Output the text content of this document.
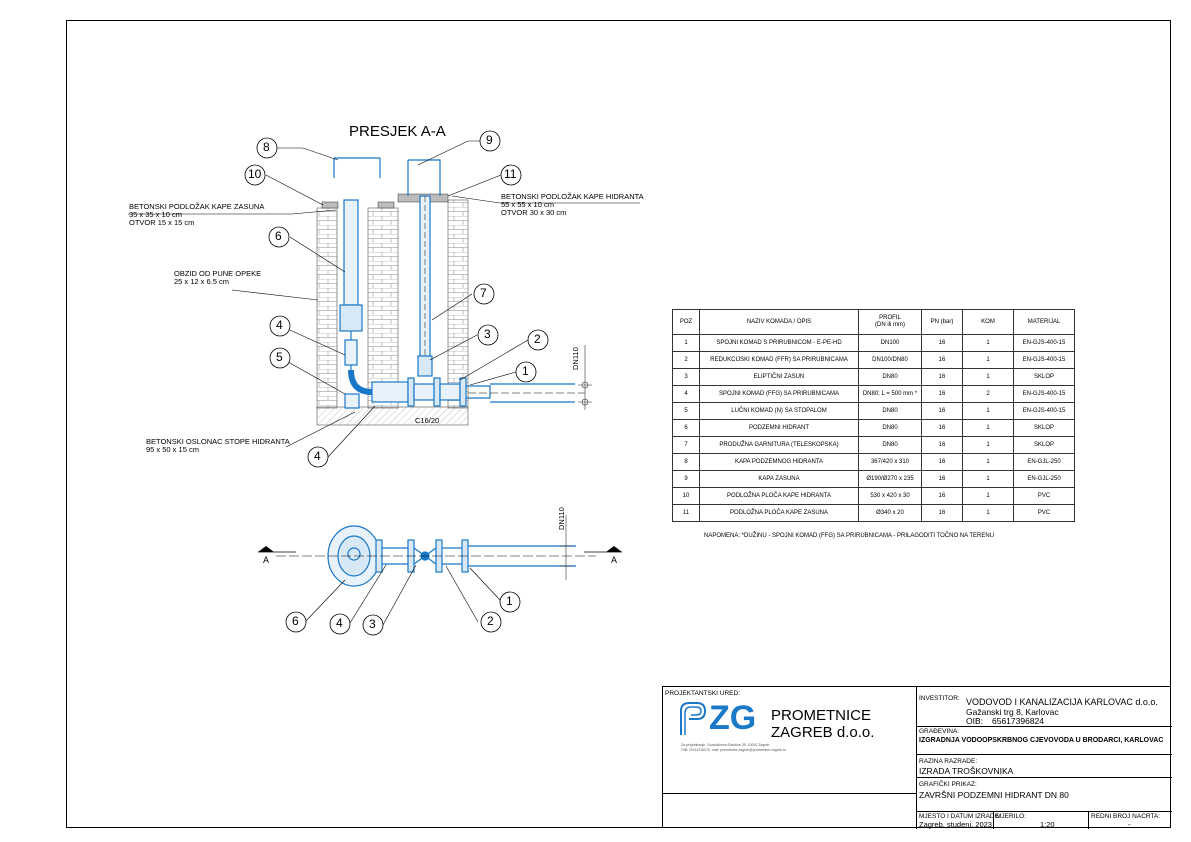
PRESJEK A-A
BETONSKI PODLOŽAK KAPE ZASUNA
35 x 35 x 10 cm
OTVOR 15 x 15 cm
BETONSKI PODLOŽAK KAPE HIDRANTA
55 x 55 x 10 cm
OTVOR 30 x 30 cm
OBZID OD PUNE OPEKE
25 x 12 x 6.5 cm
BETONSKI OSLONAC STOPE HIDRANTA
95 x 50 x 15 cm
C16/20
DN110
DN110
A	A
8	9
10	11
6
7
3	2
4
5
1
4
6	4 3	2
1
POZ	NAZIV KOMADA / OPIS	PROFIL
(DN ili mm)	PN (bar)	KOM	MATERIJAL
1	SPOJNI KOMAD S PRIRUBNICOM - E-PE-HD	DN100	16	1	EN-GJS-400-15
2	REDUKCIJSKI KOMAD (FFR) SA PRIRUBNICAMA	DN100/DN80	16	1	EN-GJS-400-15
3	ELIPTIČNI ZASUN	DN80	16	1	SKLOP
4	SPOJNI KOMAD (FFG) SA PRIRUBNICAMA	DN80; L = 500 mm *	16	2	EN-GJS-400-15
5	LUČNI KOMAD (N) SA STOPALOM	DN80	16	1	EN-GJS-400-15
6	PODZEMNI HIDRANT	DN80	16	1	SKLOP
7	PRODUŽNA GARNITURA (TELESKOPSKA)	DN80	16	1	SKLOP
8	KAPA PODZEMNOG HIDRANTA	367/420 x 310	16	1	EN-GJL-250
9	KAPA ZASUNA	Ø190/Ø270 x 235	16	1	EN-GJL-250
10	PODLOŽNA PLOČA KAPE HIDRANTA	530 x 420 x 30	16	1	PVC
11	PODLOŽNA PLOČA KAPE ZASUNA	Ø340 x 20	16	1	PVC
NAPOMENA: *DUŽINU - SPOJNI KOMAD (FFG) SA PRIRUBNICAMA - PRILAGODITI TOČNO NA TERENU
PROJEKTANTSKI URED:
ZG PROMETNICE
ZAGREB d.o.o.
Za projektiranje, Gundulićeva Sokolice 25, 10000 Zagreb
OIB: 20111216070, mail: prometnice.zagreb@prometnice-zagreb.hr
INVESTITOR: VODOVOD I KANALIZACIJA KARLOVAC d.o.o.
Gažanski trg 8, Karlovac
OIB: 65617396824
GRAĐEVINA:
IZGRADNJA VODOOPSKRBNOG CJEVOVODA U BRODARCI, KARLOVAC
RAZINA RAZRADE:
IZRADA TROŠKOVNIKA
GRAFIČKI PRIKAZ:
ZAVRŠNI PODZEMNI HIDRANT DN 80
MJESTO I DATUM IZRADE:
Zagreb, studeni, 2023.
MJERILO:
1:20
REDNI BROJ NACRTA:
-
